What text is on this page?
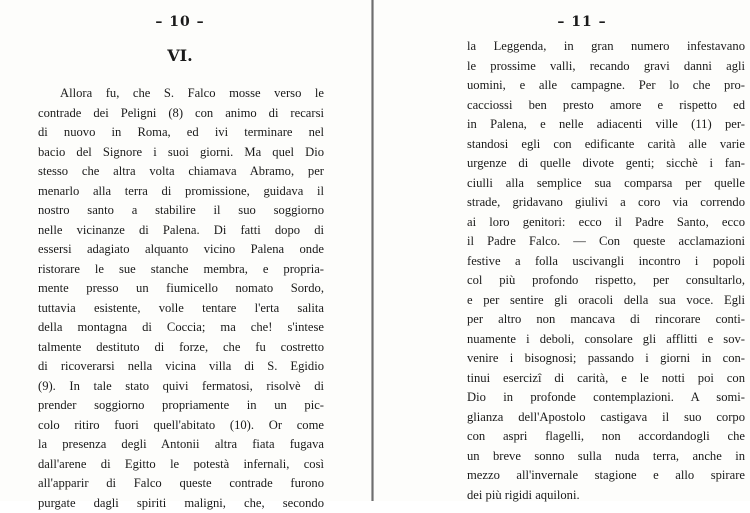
– 10 –
VI.
Allora fu, che S. Falco mosse verso le
contrade dei Peligni (8) con animo di recarsi
di nuovo in Roma, ed ivi terminare nel
bacio del Signore i suoi giorni. Ma quel Dio
stesso che altra volta chiamava Abramo, per
menarlo alla terra di promissione, guidava il
nostro santo a stabilire il suo soggiorno
nelle vicinanze di Palena. Di fatti dopo di
essersi adagiato alquanto vicino Palena onde
ristorare le sue stanche membra, e propria-
mente presso un fiumicello nomato Sordo,
tuttavia esistente, volle tentare l'erta salita
della montagna di Coccia; ma che! s'intese
talmente destituto di forze, che fu costretto
di ricoverarsi nella vicina villa di S. Egidio
(9). In tale stato quivi fermatosi, risolvè di
prender soggiorno propriamente in un pic-
colo ritiro fuori quell'abitato (10). Or come
la presenza degli Antonii altra fiata fugava
dall'arene di Egitto le potestà infernali, così
all'apparir di Falco queste contrade furono
purgate dagli spiriti maligni, che, secondo
– 11 –
la Leggenda, in gran numero infestavano
le prossime valli, recando gravi danni agli
uomini, e alle campagne. Per lo che pro-
cacciossi ben presto amore e rispetto ed
in Palena, e nelle adiacenti ville (11) per-
standosi egli con edificante carità alle varie
urgenze di quelle divote genti; sicchè i fan-
ciulli alla semplice sua comparsa per quelle
strade, gridavano giulivi a coro via correndo
ai loro genitori: ecco il Padre Santo, ecco
il Padre Falco. — Con queste acclamazioni
festive a folla uscivangli incontro i popoli
col più profondo rispetto, per consultarlo,
e per sentire gli oracoli della sua voce. Egli
per altro non mancava di rincorare conti-
nuamente i deboli, consolare gli afflitti e sov-
venire i bisognosi; passando i giorni in con-
tinui esercizî di carità, e le notti poi con
Dio in profonde contemplazioni. A somi-
glianza dell'Apostolo castigava il suo corpo
con aspri flagelli, non accordandogli che
un breve sonno sulla nuda terra, anche in
mezzo all'invernale stagione e allo spirare
dei più rigidi aquiloni.
